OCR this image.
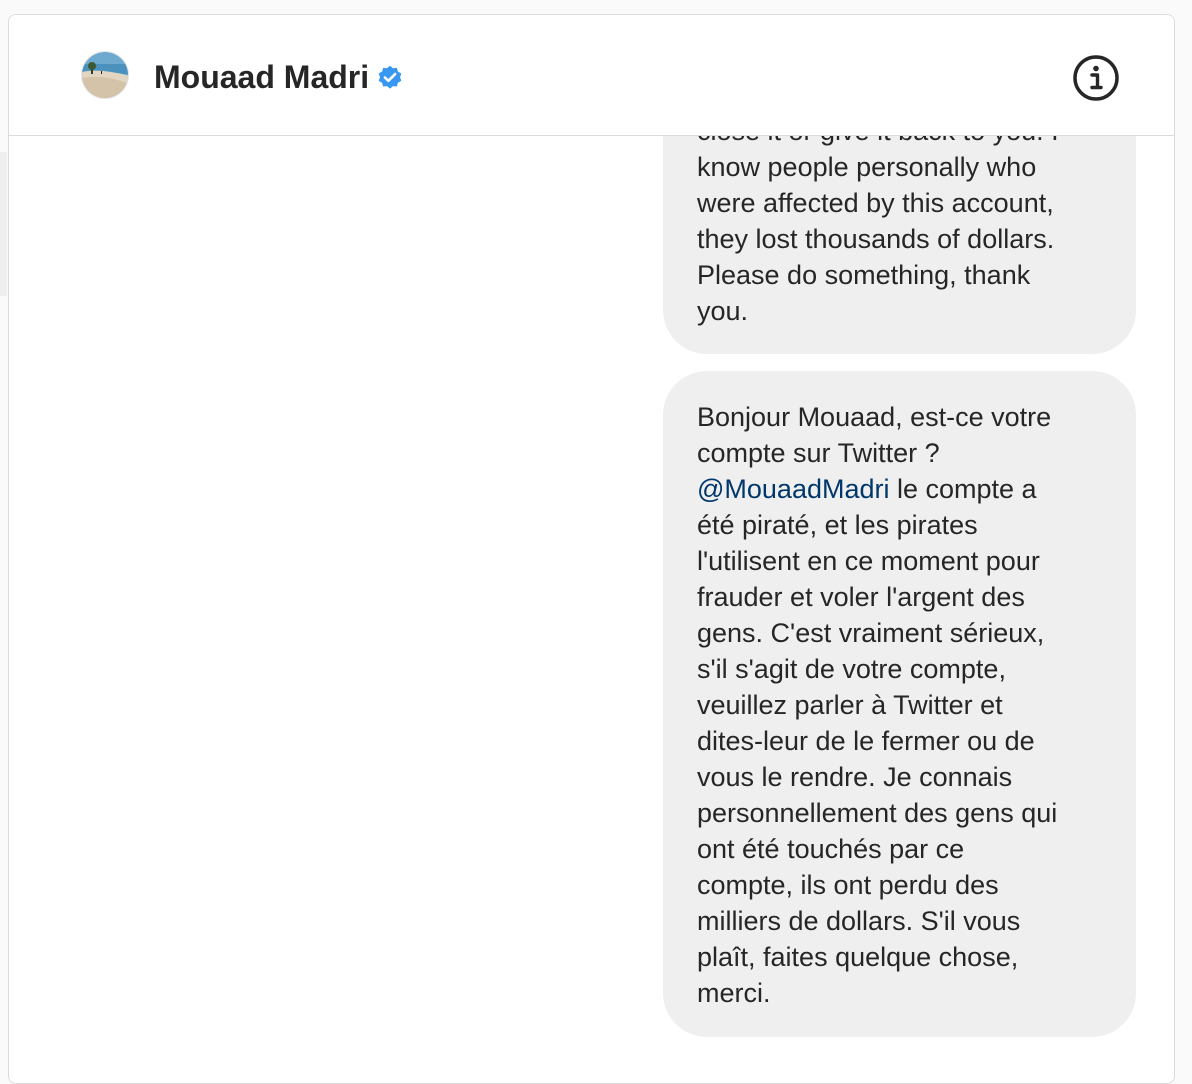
know people personally who
were affected by this account,
they lost thousands of dollars.
Please do something, thank
you.
Bonjour Mouaad, est-ce votre
compte sur Twitter ?
@MouaadMadri le compte a
été piraté, et les pirates
l'utilisent en ce moment pour
frauder et voler l'argent des
gens. C'est vraiment sérieux,
s'il s'agit de votre compte,
veuillez parler à Twitter et
dites-leur de le fermer ou de
vous le rendre. Je connais
personnellement des gens qui
ont été touchés par ce
compte, ils ont perdu des
milliers de dollars. S'il vous
plaît, faites quelque chose,
merci.
Mouaad Madri
